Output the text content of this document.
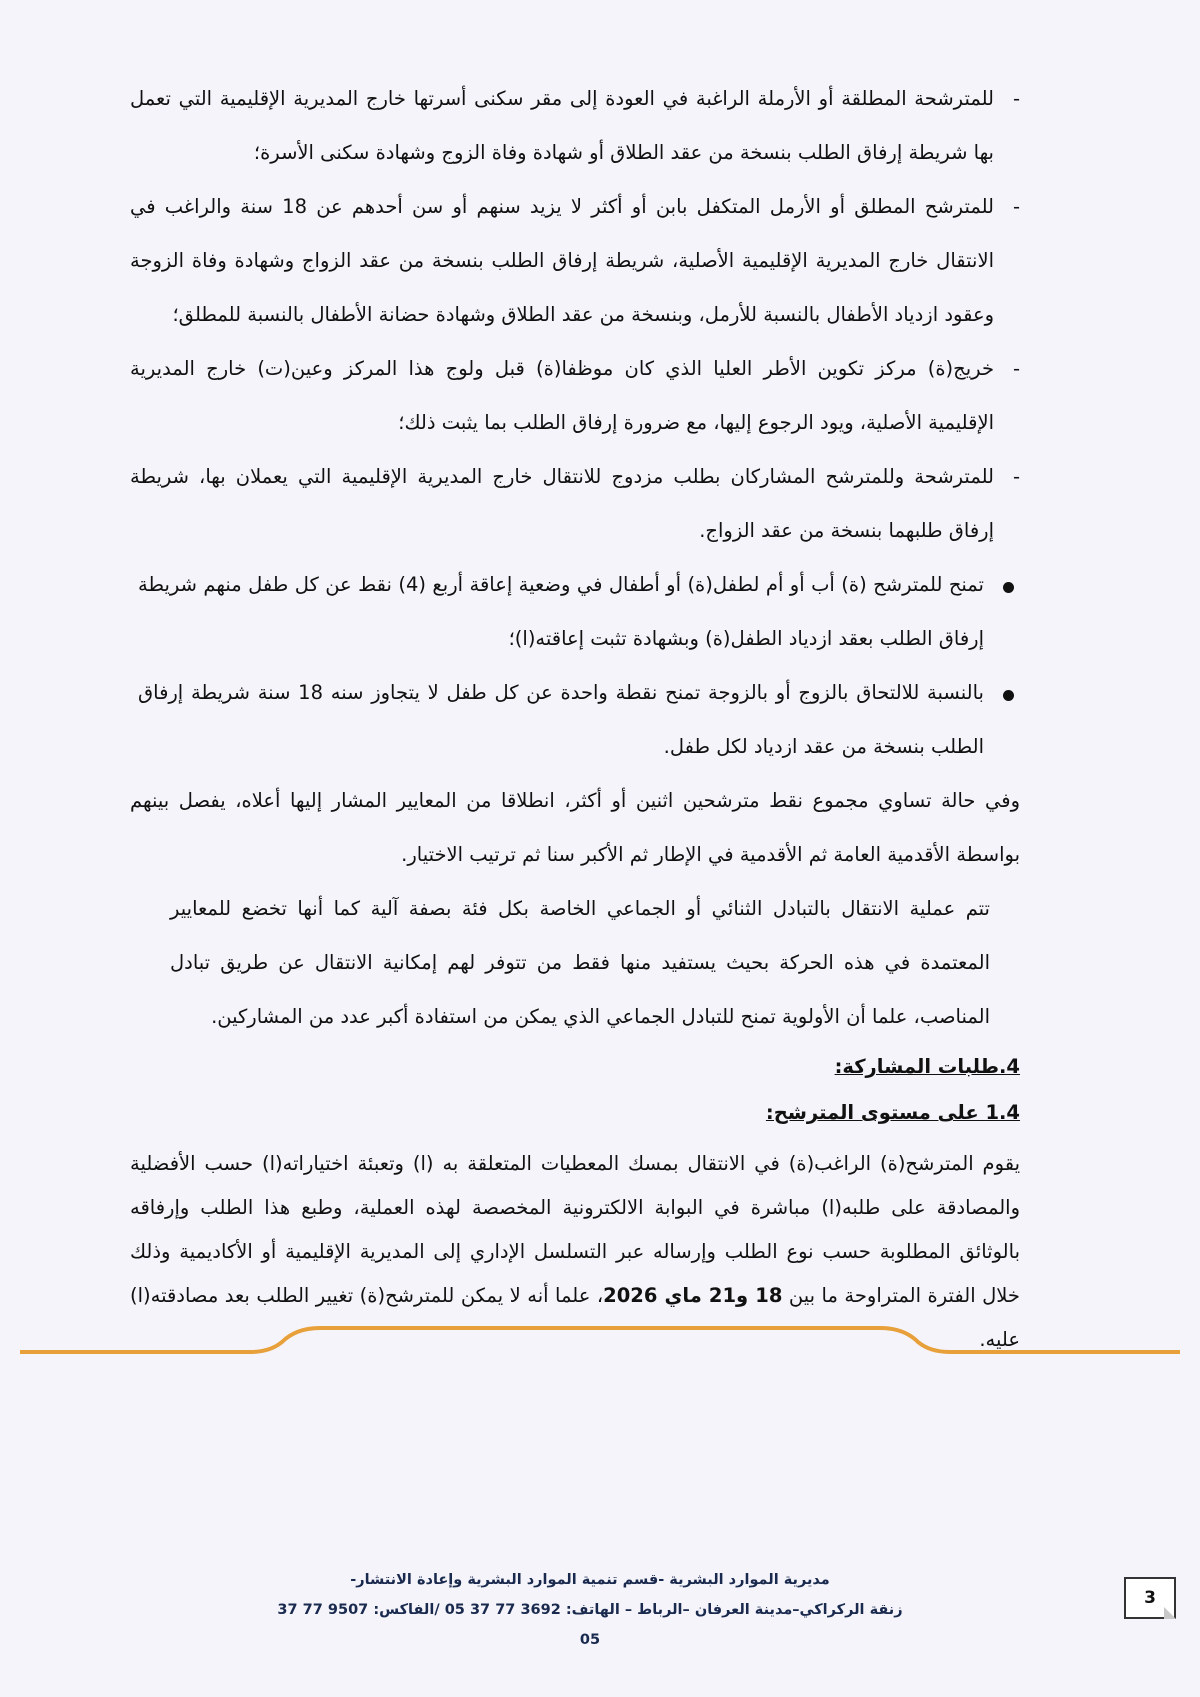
-
للمترشحة المطلقة أو الأرملة الراغبة في العودة إلى مقر سكنى أسرتها خارج المديرية الإقليمية التي تعمل بها شريطة إرفاق الطلب بنسخة من عقد الطلاق أو شهادة وفاة الزوج وشهادة سكنى الأسرة؛

-
للمترشح المطلق أو الأرمل المتكفل بابن أو أكثر لا يزيد سنهم أو سن أحدهم عن 18 سنة والراغب في الانتقال خارج المديرية الإقليمية الأصلية، شريطة إرفاق الطلب بنسخة من عقد الزواج وشهادة وفاة الزوجة وعقود ازدياد الأطفال بالنسبة للأرمل، وبنسخة من عقد الطلاق وشهادة حضانة الأطفال بالنسبة للمطلق؛

-
خريج(ة) مركز تكوين الأطر العليا الذي كان موظفا(ة) قبل ولوج هذا المركز وعين(ت) خارج المديرية الإقليمية الأصلية، ويود الرجوع إليها، مع ضرورة إرفاق الطلب بما يثبت ذلك؛

-
للمترشحة وللمترشح المشاركان بطلب مزدوج للانتقال خارج المديرية الإقليمية التي يعملان بها، شريطة إرفاق طلبهما بنسخة من عقد الزواج.

تمنح للمترشح (ة) أب أو أم لطفل(ة) أو أطفال في وضعية إعاقة أربع (4) نقط عن كل طفل منهم شريطة إرفاق الطلب بعقد ازدياد الطفل(ة) وبشهادة تثبت إعاقته(ا)؛

بالنسبة للالتحاق بالزوج أو بالزوجة تمنح نقطة واحدة عن كل طفل لا يتجاوز سنه 18 سنة شريطة إرفاق الطلب بنسخة من عقد ازدياد لكل طفل.

وفي حالة تساوي مجموع نقط مترشحين اثنين أو أكثر، انطلاقا من المعايير المشار إليها أعلاه، يفصل بينهم بواسطة الأقدمية العامة ثم الأقدمية في الإطار ثم الأكبر سنا ثم ترتيب الاختيار.

تتم عملية الانتقال بالتبادل الثنائي أو الجماعي الخاصة بكل فئة بصفة آلية كما أنها تخضع للمعايير المعتمدة في هذه الحركة بحيث يستفيد منها فقط من تتوفر لهم إمكانية الانتقال عن طريق تبادل المناصب، علما أن الأولوية تمنح للتبادل الجماعي الذي يمكن من استفادة أكبر عدد من المشاركين.

4.طلبات المشاركة:

1.4 على مستوى المترشح:

يقوم المترشح(ة) الراغب(ة) في الانتقال بمسك المعطيات المتعلقة به (ا) وتعبئة اختياراته(ا) حسب الأفضلية والمصادقة على طلبه(ا) مباشرة في البوابة الالكترونية المخصصة لهذه العملية، وطبع هذا الطلب وإرفاقه بالوثائق المطلوبة حسب نوع الطلب وإرساله عبر التسلسل الإداري إلى المديرية الإقليمية أو الأكاديمية وذلك خلال الفترة المتراوحة ما بين 18 و21 ماي 2026، علما أنه لا يمكن للمترشح(ة) تغيير الطلب بعد مصادقته(ا) عليه.

مديرية الموارد البشرية -قسم تنمية الموارد البشرية وإعادة الانتشار-
زنقة الركراكي–مدينة العرفان –الرباط – الهاتف: 3692 77 37 05 /الفاكس: 9507 77 37 05
3
